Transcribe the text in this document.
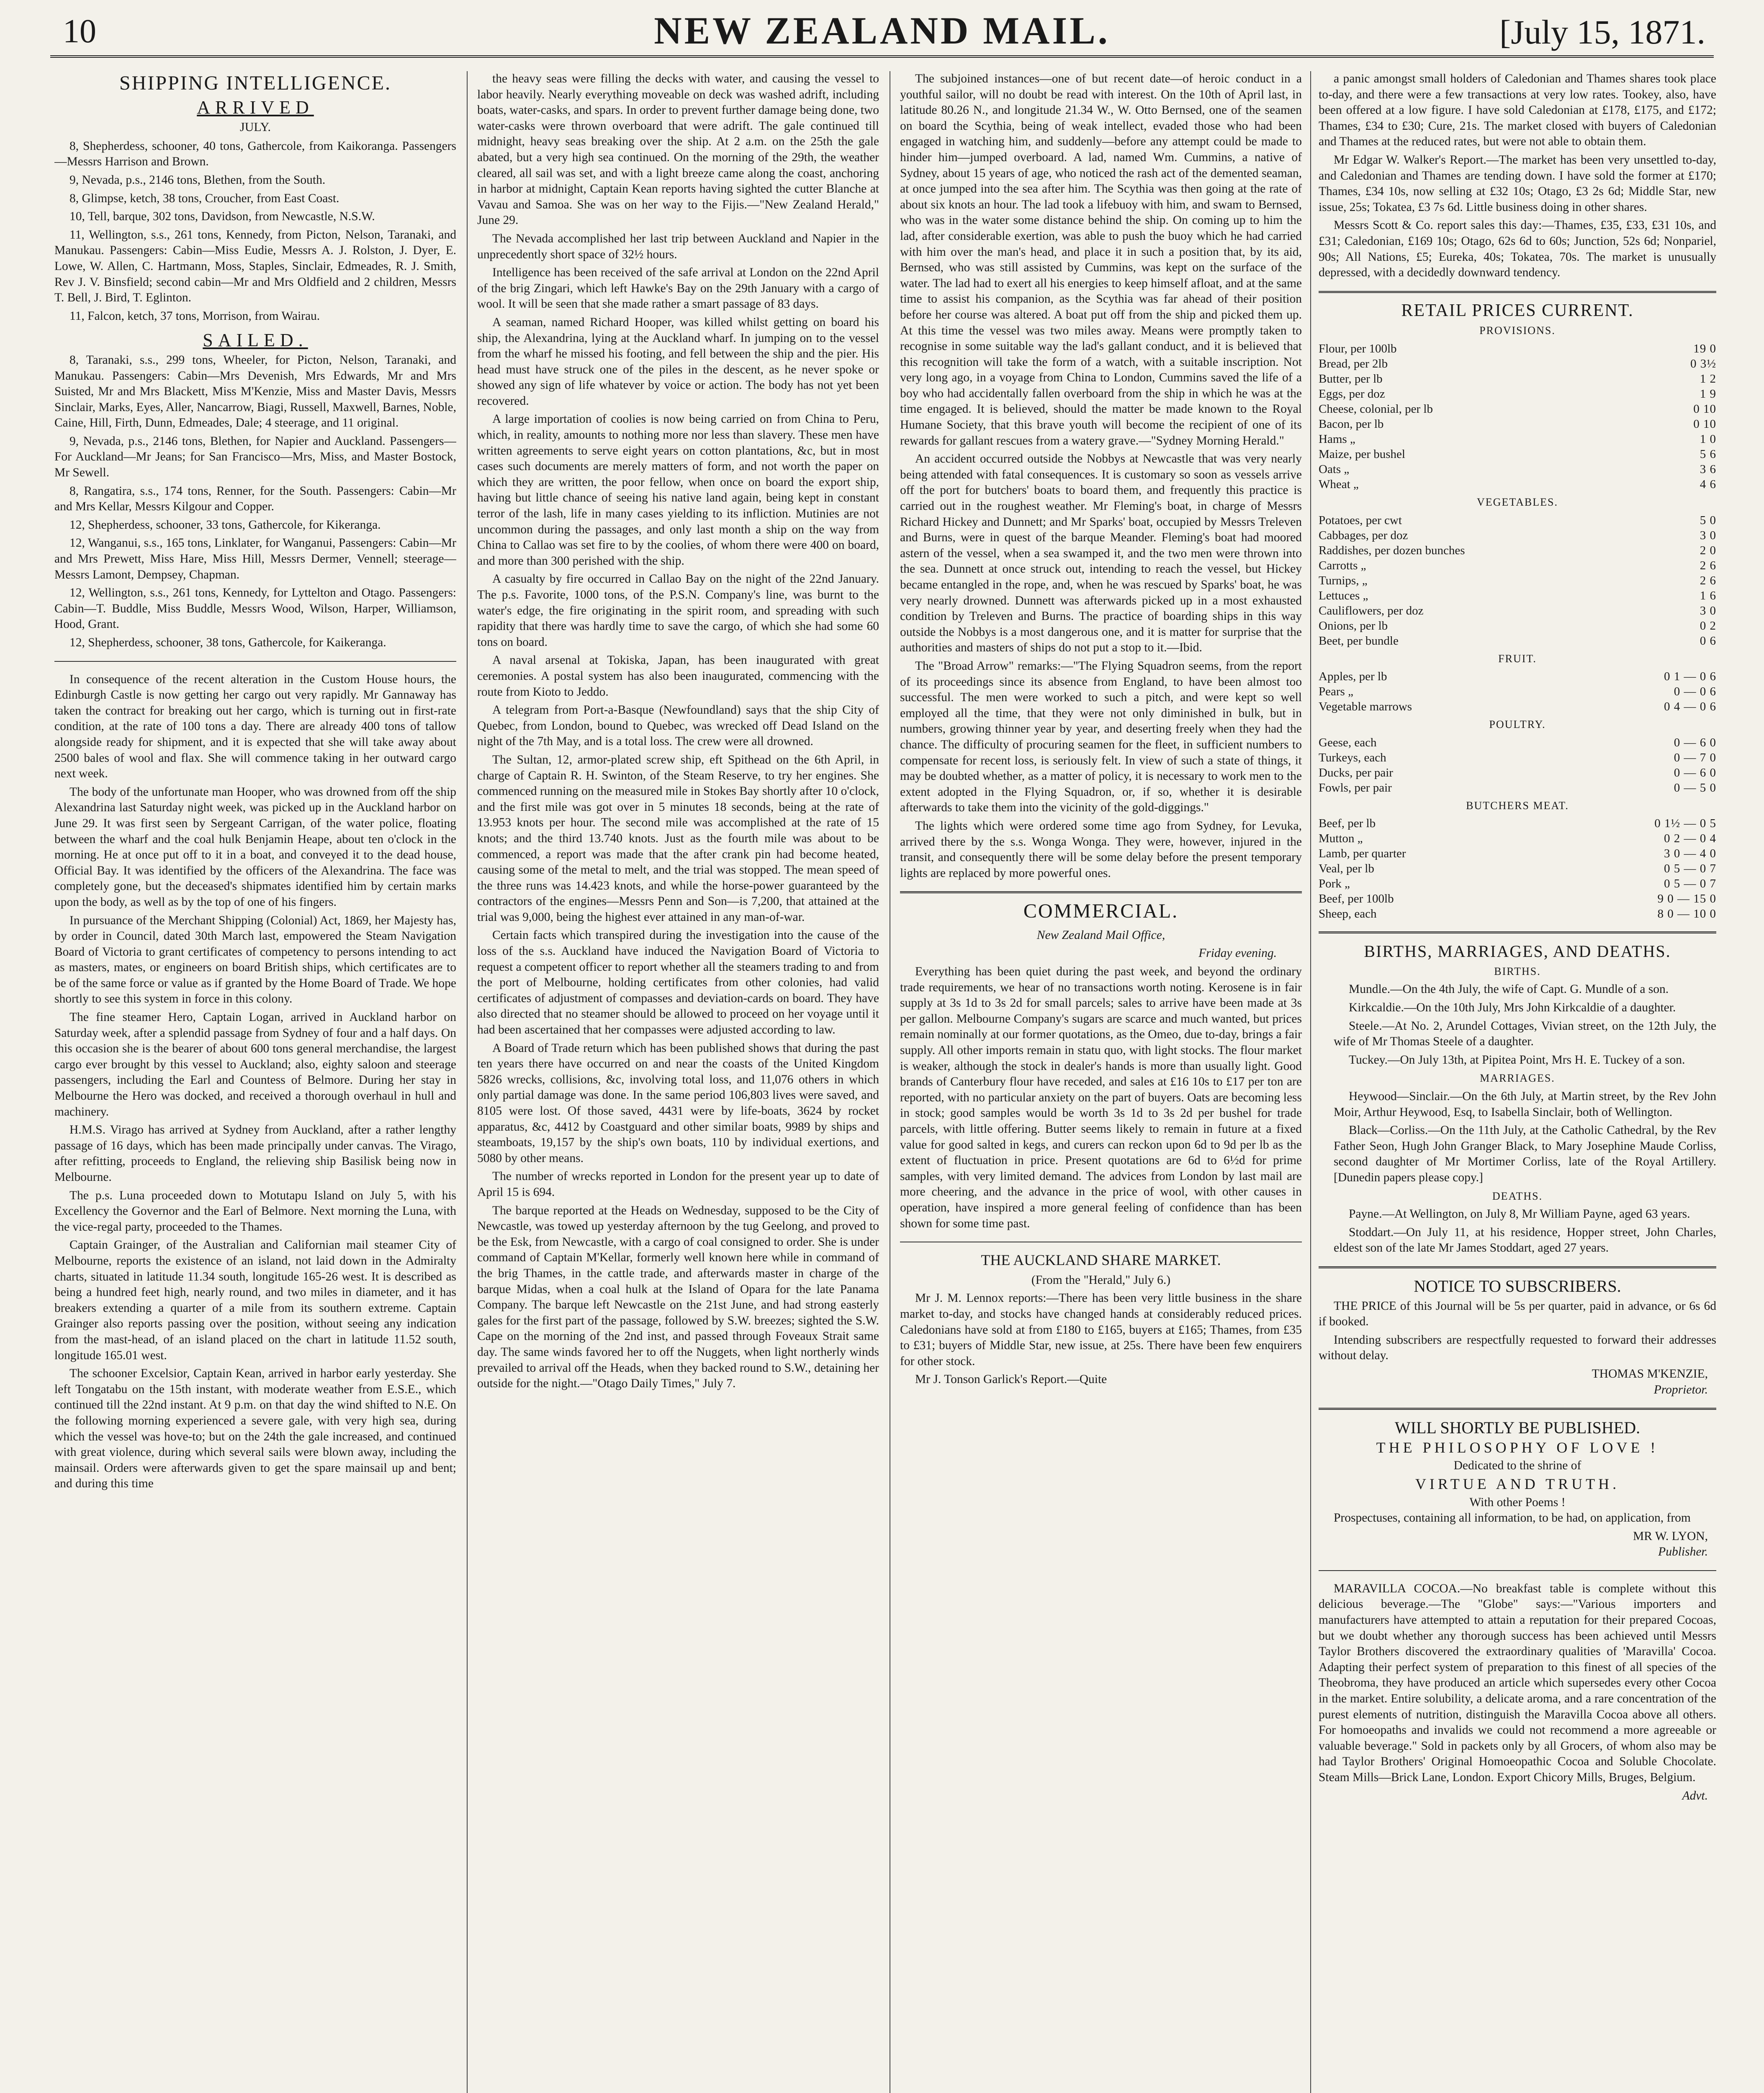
10	NEW ZEALAND MAIL.	[July 15, 1871.
SHIPPING INTELLIGENCE.
ARRIVED
JULY.

8, Shepherdess, schooner, 40 tons, Gathercole, from Kaikoranga. Passengers—Messrs Harrison and Brown.

9, Nevada, p.s., 2146 tons, Blethen, from the South.

8, Glimpse, ketch, 38 tons, Croucher, from East Coast.

10, Tell, barque, 302 tons, Davidson, from Newcastle, N.S.W.

11, Wellington, s.s., 261 tons, Kennedy, from Picton, Nelson, Taranaki, and Manukau. Passengers: Cabin—Miss Eudie, Messrs A. J. Rolston, J. Dyer, E. Lowe, W. Allen, C. Hartmann, Moss, Staples, Sinclair, Edmeades, R. J. Smith, Rev J. V. Binsfield; second cabin—Mr and Mrs Oldfield and 2 children, Messrs T. Bell, J. Bird, T. Eglinton.

11, Falcon, ketch, 37 tons, Morrison, from Wairau.

SAILED.

8, Taranaki, s.s., 299 tons, Wheeler, for Picton, Nelson, Taranaki, and Manukau. Passengers: Cabin—Mrs Devenish, Mrs Edwards, Mr and Mrs Suisted, Mr and Mrs Blackett, Miss M'Kenzie, Miss and Master Davis, Messrs Sinclair, Marks, Eyes, Aller, Nancarrow, Biagi, Russell, Maxwell, Barnes, Noble, Caine, Hill, Firth, Dunn, Edmeades, Dale; 4 steerage, and 11 original.

9, Nevada, p.s., 2146 tons, Blethen, for Napier and Auckland. Passengers—For Auckland—Mr Jeans; for San Francisco—Mrs, Miss, and Master Bostock, Mr Sewell.

8, Rangatira, s.s., 174 tons, Renner, for the South. Passengers: Cabin—Mr and Mrs Kellar, Messrs Kilgour and Copper.

12, Shepherdess, schooner, 33 tons, Gathercole, for Kikeranga.

12, Wanganui, s.s., 165 tons, Linklater, for Wanganui, Passengers: Cabin—Mr and Mrs Prewett, Miss Hare, Miss Hill, Messrs Dermer, Vennell; steerage—Messrs Lamont, Dempsey, Chapman.

12, Wellington, s.s., 261 tons, Kennedy, for Lyttelton and Otago. Passengers: Cabin—T. Buddle, Miss Buddle, Messrs Wood, Wilson, Harper, Williamson, Hood, Grant.

12, Shepherdess, schooner, 38 tons, Gathercole, for Kaikeranga.

In consequence of the recent alteration in the Custom House hours, the Edinburgh Castle is now getting her cargo out very rapidly. Mr Gannaway has taken the contract for breaking out her cargo, which is turning out in first-rate condition, at the rate of 100 tons a day. There are already 400 tons of tallow alongside ready for shipment, and it is expected that she will take away about 2500 bales of wool and flax. She will commence taking in her outward cargo next week.

The body of the unfortunate man Hooper, who was drowned from off the ship Alexandrina last Saturday night week, was picked up in the Auckland harbor on June 29. It was first seen by Sergeant Carrigan, of the water police, floating between the wharf and the coal hulk Benjamin Heape, about ten o'clock in the morning. He at once put off to it in a boat, and conveyed it to the dead house, Official Bay. It was identified by the officers of the Alexandrina. The face was completely gone, but the deceased's shipmates identified him by certain marks upon the body, as well as by the top of one of his fingers.

In pursuance of the Merchant Shipping (Colonial) Act, 1869, her Majesty has, by order in Council, dated 30th March last, empowered the Steam Navigation Board of Victoria to grant certificates of competency to persons intending to act as masters, mates, or engineers on board British ships, which certificates are to be of the same force or value as if granted by the Home Board of Trade. We hope shortly to see this system in force in this colony.

The fine steamer Hero, Captain Logan, arrived in Auckland harbor on Saturday week, after a splendid passage from Sydney of four and a half days. On this occasion she is the bearer of about 600 tons general merchandise, the largest cargo ever brought by this vessel to Auckland; also, eighty saloon and steerage passengers, including the Earl and Countess of Belmore. During her stay in Melbourne the Hero was docked, and received a thorough overhaul in hull and machinery.

H.M.S. Virago has arrived at Sydney from Auckland, after a rather lengthy passage of 16 days, which has been made principally under canvas. The Virago, after refitting, proceeds to England, the relieving ship Basilisk being now in Melbourne.

The p.s. Luna proceeded down to Motutapu Island on July 5, with his Excellency the Governor and the Earl of Belmore. Next morning the Luna, with the vice-regal party, proceeded to the Thames.

Captain Grainger, of the Australian and Californian mail steamer City of Melbourne, reports the existence of an island, not laid down in the Admiralty charts, situated in latitude 11.34 south, longitude 165-26 west. It is described as being a hundred feet high, nearly round, and two miles in diameter, and it has breakers extending a quarter of a mile from its southern extreme. Captain Grainger also reports passing over the position, without seeing any indication from the mast-head, of an island placed on the chart in latitude 11.52 south, longitude 165.01 west.

The schooner Excelsior, Captain Kean, arrived in harbor early yesterday. She left Tongatabu on the 15th instant, with moderate weather from E.S.E., which continued till the 22nd instant. At 9 p.m. on that day the wind shifted to N.E. On the following morning experienced a severe gale, with very high sea, during which the vessel was hove-to; but on the 24th the gale increased, and continued with great violence, during which several sails were blown away, including the mainsail. Orders were afterwards given to get the spare mainsail up and bent; and during this time

the heavy seas were filling the decks with water, and causing the vessel to labor heavily. Nearly everything moveable on deck was washed adrift, including boats, water-casks, and spars. In order to prevent further damage being done, two water-casks were thrown overboard that were adrift. The gale continued till midnight, heavy seas breaking over the ship. At 2 a.m. on the 25th the gale abated, but a very high sea continued. On the morning of the 29th, the weather cleared, all sail was set, and with a light breeze came along the coast, anchoring in harbor at midnight, Captain Kean reports having sighted the cutter Blanche at Vavau and Samoa. She was on her way to the Fijis.—"New Zealand Herald," June 29.

The Nevada accomplished her last trip between Auckland and Napier in the unprecedently short space of 32½ hours.

Intelligence has been received of the safe arrival at London on the 22nd April of the brig Zingari, which left Hawke's Bay on the 29th January with a cargo of wool. It will be seen that she made rather a smart passage of 83 days.

A seaman, named Richard Hooper, was killed whilst getting on board his ship, the Alexandrina, lying at the Auckland wharf. In jumping on to the vessel from the wharf he missed his footing, and fell between the ship and the pier. His head must have struck one of the piles in the descent, as he never spoke or showed any sign of life whatever by voice or action. The body has not yet been recovered.

A large importation of coolies is now being carried on from China to Peru, which, in reality, amounts to nothing more nor less than slavery. These men have written agreements to serve eight years on cotton plantations, &c, but in most cases such documents are merely matters of form, and not worth the paper on which they are written, the poor fellow, when once on board the export ship, having but little chance of seeing his native land again, being kept in constant terror of the lash, life in many cases yielding to its infliction. Mutinies are not uncommon during the passages, and only last month a ship on the way from China to Callao was set fire to by the coolies, of whom there were 400 on board, and more than 300 perished with the ship.

A casualty by fire occurred in Callao Bay on the night of the 22nd January. The p.s. Favorite, 1000 tons, of the P.S.N. Company's line, was burnt to the water's edge, the fire originating in the spirit room, and spreading with such rapidity that there was hardly time to save the cargo, of which she had some 60 tons on board.

A naval arsenal at Tokiska, Japan, has been inaugurated with great ceremonies. A postal system has also been inaugurated, commencing with the route from Kioto to Jeddo.

A telegram from Port-a-Basque (Newfoundland) says that the ship City of Quebec, from London, bound to Quebec, was wrecked off Dead Island on the night of the 7th May, and is a total loss. The crew were all drowned.

The Sultan, 12, armor-plated screw ship, eft Spithead on the 6th April, in charge of Captain R. H. Swinton, of the Steam Reserve, to try her engines. She commenced running on the measured mile in Stokes Bay shortly after 10 o'clock, and the first mile was got over in 5 minutes 18 seconds, being at the rate of 13.953 knots per hour. The second mile was accomplished at the rate of 15 knots; and the third 13.740 knots. Just as the fourth mile was about to be commenced, a report was made that the after crank pin had become heated, causing some of the metal to melt, and the trial was stopped. The mean speed of the three runs was 14.423 knots, and while the horse-power guaranteed by the contractors of the engines—Messrs Penn and Son—is 7,200, that attained at the trial was 9,000, being the highest ever attained in any man-of-war.

Certain facts which transpired during the investigation into the cause of the loss of the s.s. Auckland have induced the Navigation Board of Victoria to request a competent officer to report whether all the steamers trading to and from the port of Melbourne, holding certificates from other colonies, had valid certificates of adjustment of compasses and deviation-cards on board. They have also directed that no steamer should be allowed to proceed on her voyage until it had been ascertained that her compasses were adjusted according to law.

A Board of Trade return which has been published shows that during the past ten years there have occurred on and near the coasts of the United Kingdom 5826 wrecks, collisions, &c, involving total loss, and 11,076 others in which only partial damage was done. In the same period 106,803 lives were saved, and 8105 were lost. Of those saved, 4431 were by life-boats, 3624 by rocket apparatus, &c, 4412 by Coastguard and other similar boats, 9989 by ships and steamboats, 19,157 by the ship's own boats, 110 by individual exertions, and 5080 by other means.

The number of wrecks reported in London for the present year up to date of April 15 is 694.

The barque reported at the Heads on Wednesday, supposed to be the City of Newcastle, was towed up yesterday afternoon by the tug Geelong, and proved to be the Esk, from Newcastle, with a cargo of coal consigned to order. She is under command of Captain M'Kellar, formerly well known here while in command of the brig Thames, in the cattle trade, and afterwards master in charge of the barque Midas, when a coal hulk at the Island of Opara for the late Panama Company. The barque left Newcastle on the 21st June, and had strong easterly gales for the first part of the passage, followed by S.W. breezes; sighted the S.W. Cape on the morning of the 2nd inst, and passed through Foveaux Strait same day. The same winds favored her to off the Nuggets, when light northerly winds prevailed to arrival off the Heads, when they backed round to S.W., detaining her outside for the night.—"Otago Daily Times," July 7.

The subjoined instances—one of but recent date—of heroic conduct in a youthful sailor, will no doubt be read with interest. On the 10th of April last, in latitude 80.26 N., and longitude 21.34 W., W. Otto Bernsed, one of the seamen on board the Scythia, being of weak intellect, evaded those who had been engaged in watching him, and suddenly—before any attempt could be made to hinder him—jumped overboard. A lad, named Wm. Cummins, a native of Sydney, about 15 years of age, who noticed the rash act of the demented seaman, at once jumped into the sea after him. The Scythia was then going at the rate of about six knots an hour. The lad took a lifebuoy with him, and swam to Bernsed, who was in the water some distance behind the ship. On coming up to him the lad, after considerable exertion, was able to push the buoy which he had carried with him over the man's head, and place it in such a position that, by its aid, Bernsed, who was still assisted by Cummins, was kept on the surface of the water. The lad had to exert all his energies to keep himself afloat, and at the same time to assist his companion, as the Scythia was far ahead of their position before her course was altered. A boat put off from the ship and picked them up. At this time the vessel was two miles away. Means were promptly taken to recognise in some suitable way the lad's gallant conduct, and it is believed that this recognition will take the form of a watch, with a suitable inscription. Not very long ago, in a voyage from China to London, Cummins saved the life of a boy who had accidentally fallen overboard from the ship in which he was at the time engaged. It is believed, should the matter be made known to the Royal Humane Society, that this brave youth will become the recipient of one of its rewards for gallant rescues from a watery grave.—"Sydney Morning Herald."

An accident occurred outside the Nobbys at Newcastle that was very nearly being attended with fatal consequences. It is customary so soon as vessels arrive off the port for butchers' boats to board them, and frequently this practice is carried out in the roughest weather. Mr Fleming's boat, in charge of Messrs Richard Hickey and Dunnett; and Mr Sparks' boat, occupied by Messrs Treleven and Burns, were in quest of the barque Meander. Fleming's boat had moored astern of the vessel, when a sea swamped it, and the two men were thrown into the sea. Dunnett at once struck out, intending to reach the vessel, but Hickey became entangled in the rope, and, when he was rescued by Sparks' boat, he was very nearly drowned. Dunnett was afterwards picked up in a most exhausted condition by Treleven and Burns. The practice of boarding ships in this way outside the Nobbys is a most dangerous one, and it is matter for surprise that the authorities and masters of ships do not put a stop to it.—Ibid.

The "Broad Arrow" remarks:—"The Flying Squadron seems, from the report of its proceedings since its absence from England, to have been almost too successful. The men were worked to such a pitch, and were kept so well employed all the time, that they were not only diminished in bulk, but in numbers, growing thinner year by year, and deserting freely when they had the chance. The difficulty of procuring seamen for the fleet, in sufficient numbers to compensate for recent loss, is seriously felt. In view of such a state of things, it may be doubted whether, as a matter of policy, it is necessary to work men to the extent adopted in the Flying Squadron, or, if so, whether it is desirable afterwards to take them into the vicinity of the gold-diggings."

The lights which were ordered some time ago from Sydney, for Levuka, arrived there by the s.s. Wonga Wonga. They were, however, injured in the transit, and consequently there will be some delay before the present temporary lights are replaced by more powerful ones.

COMMERCIAL.

New Zealand Mail Office,

Friday evening.

Everything has been quiet during the past week, and beyond the ordinary trade requirements, we hear of no transactions worth noting. Kerosene is in fair supply at 3s 1d to 3s 2d for small parcels; sales to arrive have been made at 3s per gallon. Melbourne Company's sugars are scarce and much wanted, but prices remain nominally at our former quotations, as the Omeo, due to-day, brings a fair supply. All other imports remain in statu quo, with light stocks. The flour market is weaker, although the stock in dealer's hands is more than usually light. Good brands of Canterbury flour have receded, and sales at £16 10s to £17 per ton are reported, with no particular anxiety on the part of buyers. Oats are becoming less in stock; good samples would be worth 3s 1d to 3s 2d per bushel for trade parcels, with little offering. Butter seems likely to remain in future at a fixed value for good salted in kegs, and curers can reckon upon 6d to 9d per lb as the extent of fluctuation in price. Present quotations are 6d to 6½d for prime samples, with very limited demand. The advices from London by last mail are more cheering, and the advance in the price of wool, with other causes in operation, have inspired a more general feeling of confidence than has been shown for some time past.

THE AUCKLAND SHARE MARKET.

(From the "Herald," July 6.)

Mr J. M. Lennox reports:—There has been very little business in the share market to-day, and stocks have changed hands at considerably reduced prices. Caledonians have sold at from £180 to £165, buyers at £165; Thames, from £35 to £31; buyers of Middle Star, new issue, at 25s. There have been few enquirers for other stock.

Mr J. Tonson Garlick's Report.—Quite

a panic amongst small holders of Caledonian and Thames shares took place to-day, and there were a few transactions at very low rates. Tookey, also, have been offered at a low figure. I have sold Caledonian at £178, £175, and £172; Thames, £34 to £30; Cure, 21s. The market closed with buyers of Caledonian and Thames at the reduced rates, but were not able to obtain them.

Mr Edgar W. Walker's Report.—The market has been very unsettled to-day, and Caledonian and Thames are tending down. I have sold the former at £170; Thames, £34 10s, now selling at £32 10s; Otago, £3 2s 6d; Middle Star, new issue, 25s; Tokatea, £3 7s 6d. Little business doing in other shares.

Messrs Scott & Co. report sales this day:—Thames, £35, £33, £31 10s, and £31; Caledonian, £169 10s; Otago, 62s 6d to 60s; Junction, 52s 6d; Nonpariel, 90s; All Nations, £5; Eureka, 40s; Tokatea, 70s. The market is unusually depressed, with a decidedly downward tendency.

RETAIL PRICES CURRENT.
PROVISIONS.
Flour, per 100lb	19 0
Bread, per 2lb	0 3½
Butter, per lb	1 2
Eggs, per doz	1 9
Cheese, colonial, per lb	0 10
Bacon, per lb	0 10
Hams „	1 0
Maize, per bushel	5 6
Oats „	3 6
Wheat „	4 6
VEGETABLES.
Potatoes, per cwt	5 0
Cabbages, per doz	3 0
Raddishes, per dozen bunches	2 0
Carrotts „	2 6
Turnips, „	2 6
Lettuces „	1 6
Cauliflowers, per doz	3 0
Onions, per lb	0 2
Beet, per bundle	0 6
FRUIT.
Apples, per lb	0 1 — 0 6
Pears „	0 — 0 6
Vegetable marrows	0 4 — 0 6
POULTRY.
Geese, each	0 — 6 0
Turkeys, each	0 — 7 0
Ducks, per pair	0 — 6 0
Fowls, per pair	0 — 5 0
BUTCHERS MEAT.
Beef, per lb	0 1½ — 0 5
Mutton „	0 2 — 0 4
Lamb, per quarter	3 0 — 4 0
Veal, per lb	0 5 — 0 7
Pork „	0 5 — 0 7
Beef, per 100lb	9 0 — 15 0
Sheep, each	8 0 — 10 0
BIRTHS, MARRIAGES, AND DEATHS.
BIRTHS.

Mundle.—On the 4th July, the wife of Capt. G. Mundle of a son.

Kirkcaldie.—On the 10th July, Mrs John Kirkcaldie of a daughter.

Steele.—At No. 2, Arundel Cottages, Vivian street, on the 12th July, the wife of Mr Thomas Steele of a daughter.

Tuckey.—On July 13th, at Pipitea Point, Mrs H. E. Tuckey of a son.

MARRIAGES.

Heywood—Sinclair.—On the 6th July, at Martin street, by the Rev John Moir, Arthur Heywood, Esq, to Isabella Sinclair, both of Wellington.

Black—Corliss.—On the 11th July, at the Catholic Cathedral, by the Rev Father Seon, Hugh John Granger Black, to Mary Josephine Maude Corliss, second daughter of Mr Mortimer Corliss, late of the Royal Artillery. [Dunedin papers please copy.]

DEATHS.

Payne.—At Wellington, on July 8, Mr William Payne, aged 63 years.

Stoddart.—On July 11, at his residence, Hopper street, John Charles, eldest son of the late Mr James Stoddart, aged 27 years.

NOTICE TO SUBSCRIBERS.

THE PRICE of this Journal will be 5s per quarter, paid in advance, or 6s 6d if booked.

Intending subscribers are respectfully requested to forward their addresses without delay.

THOMAS M'KENZIE,
Proprietor.
WILL SHORTLY BE PUBLISHED.
THE PHILOSOPHY OF LOVE !
Dedicated to the shrine of
VIRTUE AND TRUTH.
With other Poems !

Prospectuses, containing all information, to be had, on application, from

MR W. LYON,
Publisher.

MARAVILLA COCOA.—No breakfast table is complete without this delicious beverage.—The "Globe" says:—"Various importers and manufacturers have attempted to attain a reputation for their prepared Cocoas, but we doubt whether any thorough success has been achieved until Messrs Taylor Brothers discovered the extraordinary qualities of 'Maravilla' Cocoa. Adapting their perfect system of preparation to this finest of all species of the Theobroma, they have produced an article which supersedes every other Cocoa in the market. Entire solubility, a delicate aroma, and a rare concentration of the purest elements of nutrition, distinguish the Maravilla Cocoa above all others. For homoeopaths and invalids we could not recommend a more agreeable or valuable beverage." Sold in packets only by all Grocers, of whom also may be had Taylor Brothers' Original Homoeopathic Cocoa and Soluble Chocolate. Steam Mills—Brick Lane, London. Export Chicory Mills, Bruges, Belgium.

Advt.
